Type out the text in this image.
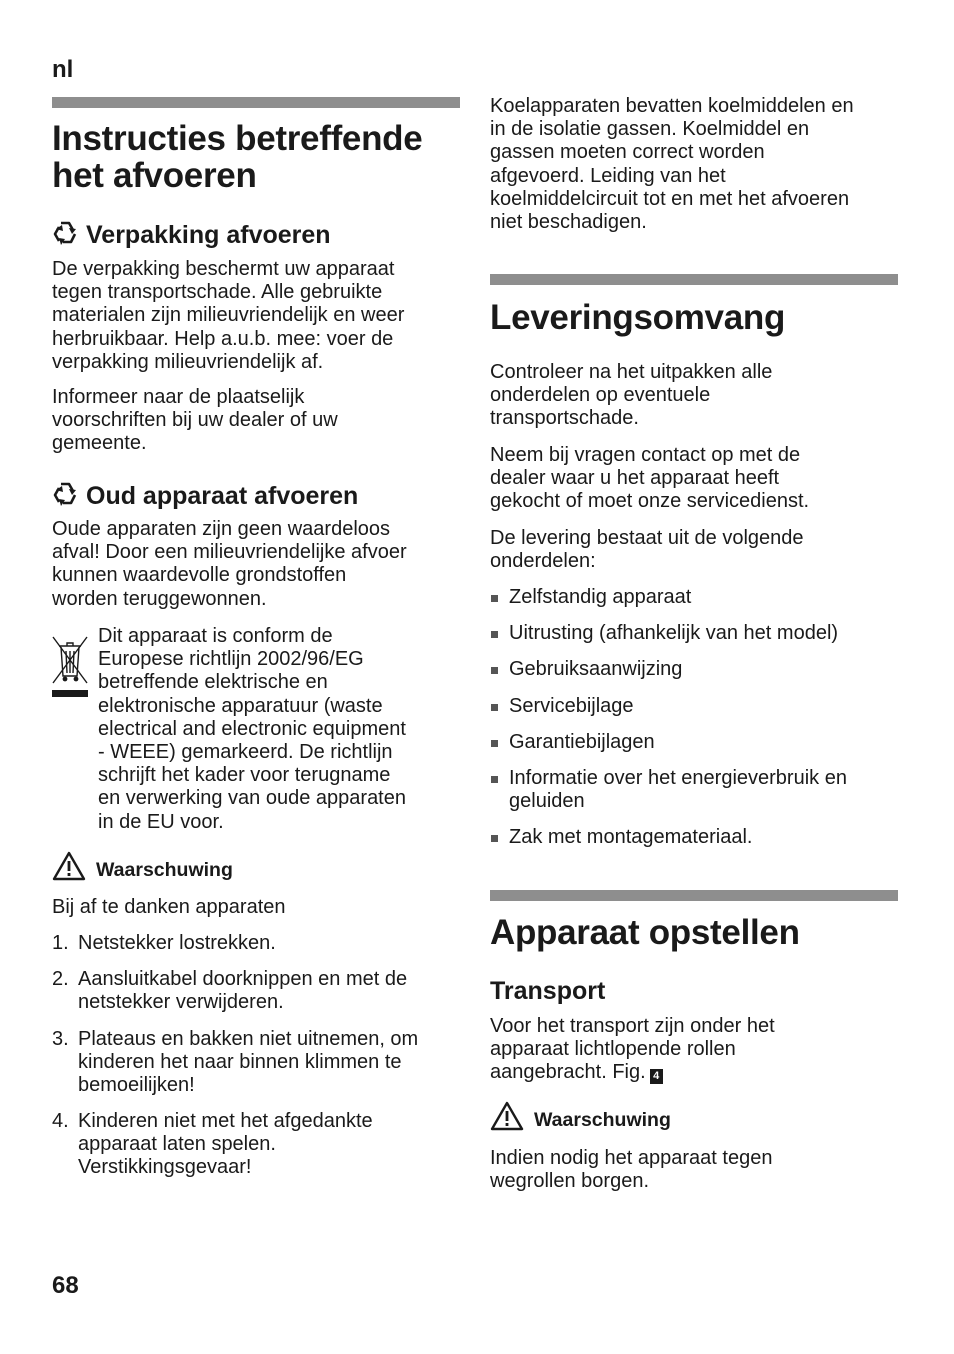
nl
Instructies betreffende
het afvoeren
Verpakking afvoeren
De verpakking beschermt uw apparaat
tegen transportschade. Alle gebruikte
materialen zijn milieuvriendelijk en weer
herbruikbaar. Help a.u.b. mee: voer de
verpakking milieuvriendelijk af.
Informeer naar de plaatselijk
voorschriften bij uw dealer of uw
gemeente.
Oud apparaat afvoeren
Oude apparaten zijn geen waardeloos
afval! Door een milieuvriendelijke afvoer
kunnen waardevolle grondstoffen
worden teruggewonnen.
Dit apparaat is conform de
Europese richtlijn 2002/96/EG
betreffende elektrische en
elektronische apparatuur (waste
electrical and electronic equipment
- WEEE) gemarkeerd. De richtlijn
schrijft het kader voor terugname
en verwerking van oude apparaten
in de EU voor.
Waarschuwing
Bij af te danken apparaten
1. Netstekker lostrekken.
2. Aansluitkabel doorknippen en met de
netstekker verwijderen.
3. Plateaus en bakken niet uitnemen, om
kinderen het naar binnen klimmen te
bemoeilijken!
4. Kinderen niet met het afgedankte
apparaat laten spelen.
Verstikkingsgevaar!
68
Koelapparaten bevatten koelmiddelen en
in de isolatie gassen. Koelmiddel en
gassen moeten correct worden
afgevoerd. Leiding van het
koelmiddelcircuit tot en met het afvoeren
niet beschadigen.
Leveringsomvang
Controleer na het uitpakken alle
onderdelen op eventuele
transportschade.
Neem bij vragen contact op met de
dealer waar u het apparaat heeft
gekocht of moet onze servicedienst.
De levering bestaat uit de volgende
onderdelen:
Zelfstandig apparaat
Uitrusting (afhankelijk van het model)
Gebruiksaanwijzing
Servicebijlage
Garantiebijlagen
Informatie over het energieverbruik en
geluiden
Zak met montagemateriaal.
Apparaat opstellen
Transport
Voor het transport zijn onder het
apparaat lichtlopende rollen
aangebracht. Fig. 4
Waarschuwing
Indien nodig het apparaat tegen
wegrollen borgen.
